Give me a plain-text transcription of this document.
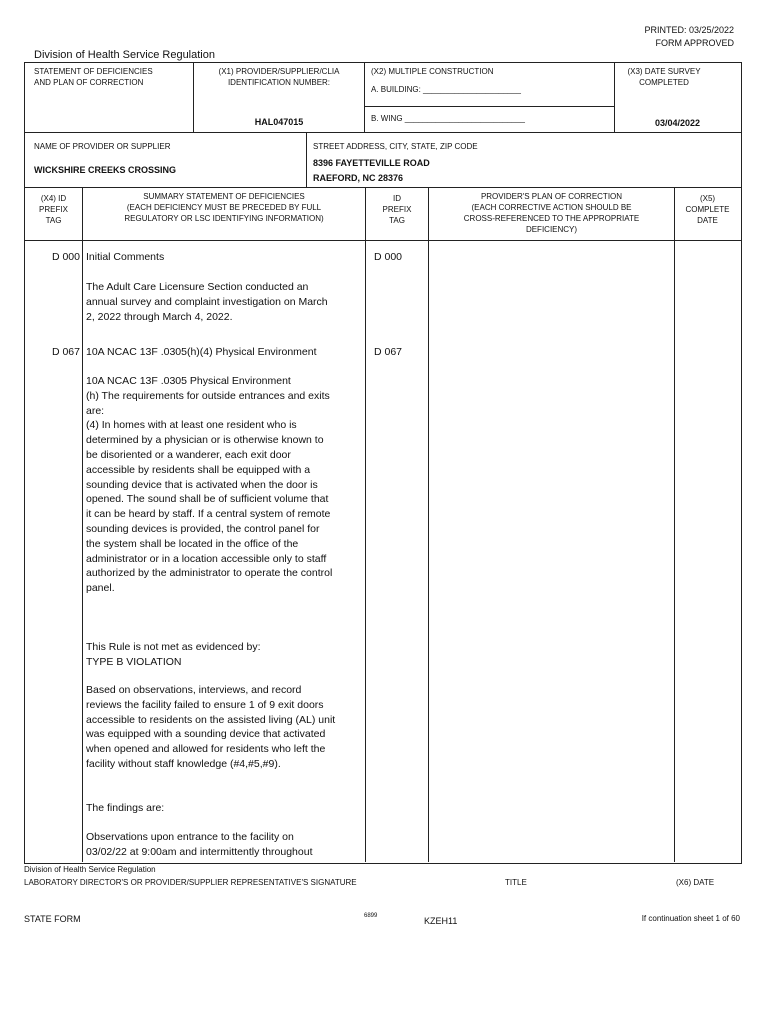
PRINTED: 03/25/2022
FORM APPROVED
Division of Health Service Regulation
STATEMENT OF DEFICIENCIES
AND PLAN OF CORRECTION
(X1) PROVIDER/SUPPLIER/CLIA
IDENTIFICATION NUMBER:
HAL047015
(X2) MULTIPLE CONSTRUCTION
A. BUILDING: ______________________
B. WING ___________________________
(X3) DATE SURVEY
COMPLETED
03/04/2022
NAME OF PROVIDER OR SUPPLIER
WICKSHIRE CREEKS CROSSING
STREET ADDRESS, CITY, STATE, ZIP CODE
8396 FAYETTEVILLE ROAD
RAEFORD, NC 28376
(X4) ID
PREFIX
TAG
SUMMARY STATEMENT OF DEFICIENCIES
(EACH DEFICIENCY MUST BE PRECEDED BY FULL
REGULATORY OR LSC IDENTIFYING INFORMATION)
ID
PREFIX
TAG
PROVIDER'S PLAN OF CORRECTION
(EACH CORRECTIVE ACTION SHOULD BE
CROSS-REFERENCED TO THE APPROPRIATE
DEFICIENCY)
(X5)
COMPLETE
DATE
D 000 Initial Comments	D 000
The Adult Care Licensure Section conducted an annual survey and complaint investigation on March 2, 2022 through March 4, 2022.
D 067 10A NCAC 13F .0305(h)(4) Physical Environment	D 067
10A NCAC 13F .0305 Physical Environment
(h) The requirements for outside entrances and exits are:
(4) In homes with at least one resident who is determined by a physician or is otherwise known to be disoriented or a wanderer, each exit door accessible by residents shall be equipped with a sounding device that is activated when the door is opened. The sound shall be of sufficient volume that it can be heard by staff. If a central system of remote sounding devices is provided, the control panel for the system shall be located in the office of the administrator or in a location accessible only to staff authorized by the administrator to operate the control panel.
This Rule is not met as evidenced by:
TYPE B VIOLATION
Based on observations, interviews, and record reviews the facility failed to ensure 1 of 9 exit doors accessible to residents on the assisted living (AL) unit was equipped with a sounding device that activated when opened and allowed for residents who left the facility without staff knowledge (#4,#5,#9).
The findings are:
Observations upon entrance to the facility on 03/02/22 at 9:00am and intermittently throughout
Division of Health Service Regulation
LABORATORY DIRECTOR'S OR PROVIDER/SUPPLIER REPRESENTATIVE'S SIGNATURE	TITLE	(X6) DATE
STATE FORM	6899	KZEH11	If continuation sheet 1 of 60
